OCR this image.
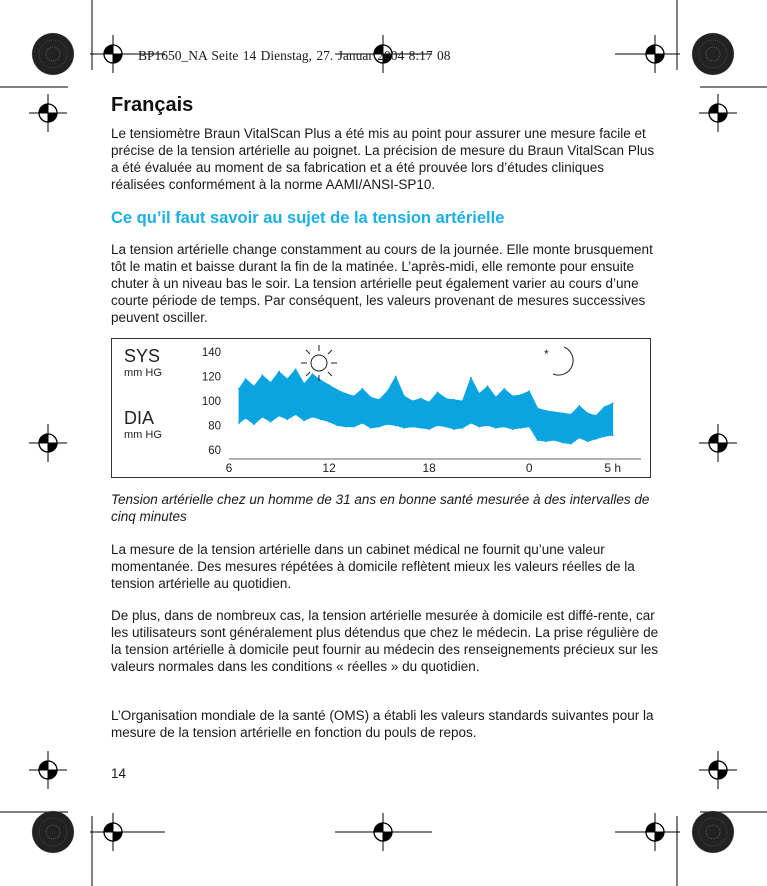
BP1650_NA Seite 14 Dienstag, 27. Januar 2004 8:17 08
Français

Le tensiomètre Braun VitalScan Plus a été mis au point pour assurer une mesure facile et précise de la tension artérielle au poignet. La précision de mesure du Braun VitalScan Plus a été évaluée au moment de sa fabrication et a été prouvée lors d’études cliniques réalisées conformément à la norme AAMI/ANSI-SP10.

Ce qu’il faut savoir au sujet de la tension artérielle

La tension artérielle change constamment au cours de la journée. Elle monte brusquement tôt le matin et baisse durant la fin de la matinée. L’après-midi, elle remonte pour ensuite chuter à un niveau bas le soir. La tension artérielle peut également varier au cours d’une courte période de temps. Par conséquent, les valeurs provenant de mesures successives peuvent osciller.

SYS
mm HG
DIA
mm HG
140
120
100
80
60
6	12	18	0	5 h
*

Tension artérielle chez un homme de 31 ans en bonne santé mesurée à des intervalles de cinq minutes

La mesure de la tension artérielle dans un cabinet médical ne fournit qu’une valeur momentanée. Des mesures répétées à domicile reflètent mieux les valeurs réelles de la tension artérielle au quotidien.

De plus, dans de nombreux cas, la tension artérielle mesurée à domicile est diffé-rente, car les utilisateurs sont généralement plus détendus que chez le médecin. La prise régulière de la tension artérielle à domicile peut fournir au médecin des renseignements précieux sur les valeurs normales dans les conditions « réelles » du quotidien.

L’Organisation mondiale de la santé (OMS) a établi les valeurs standards suivantes pour la mesure de la tension artérielle en fonction du pouls de repos.

14
